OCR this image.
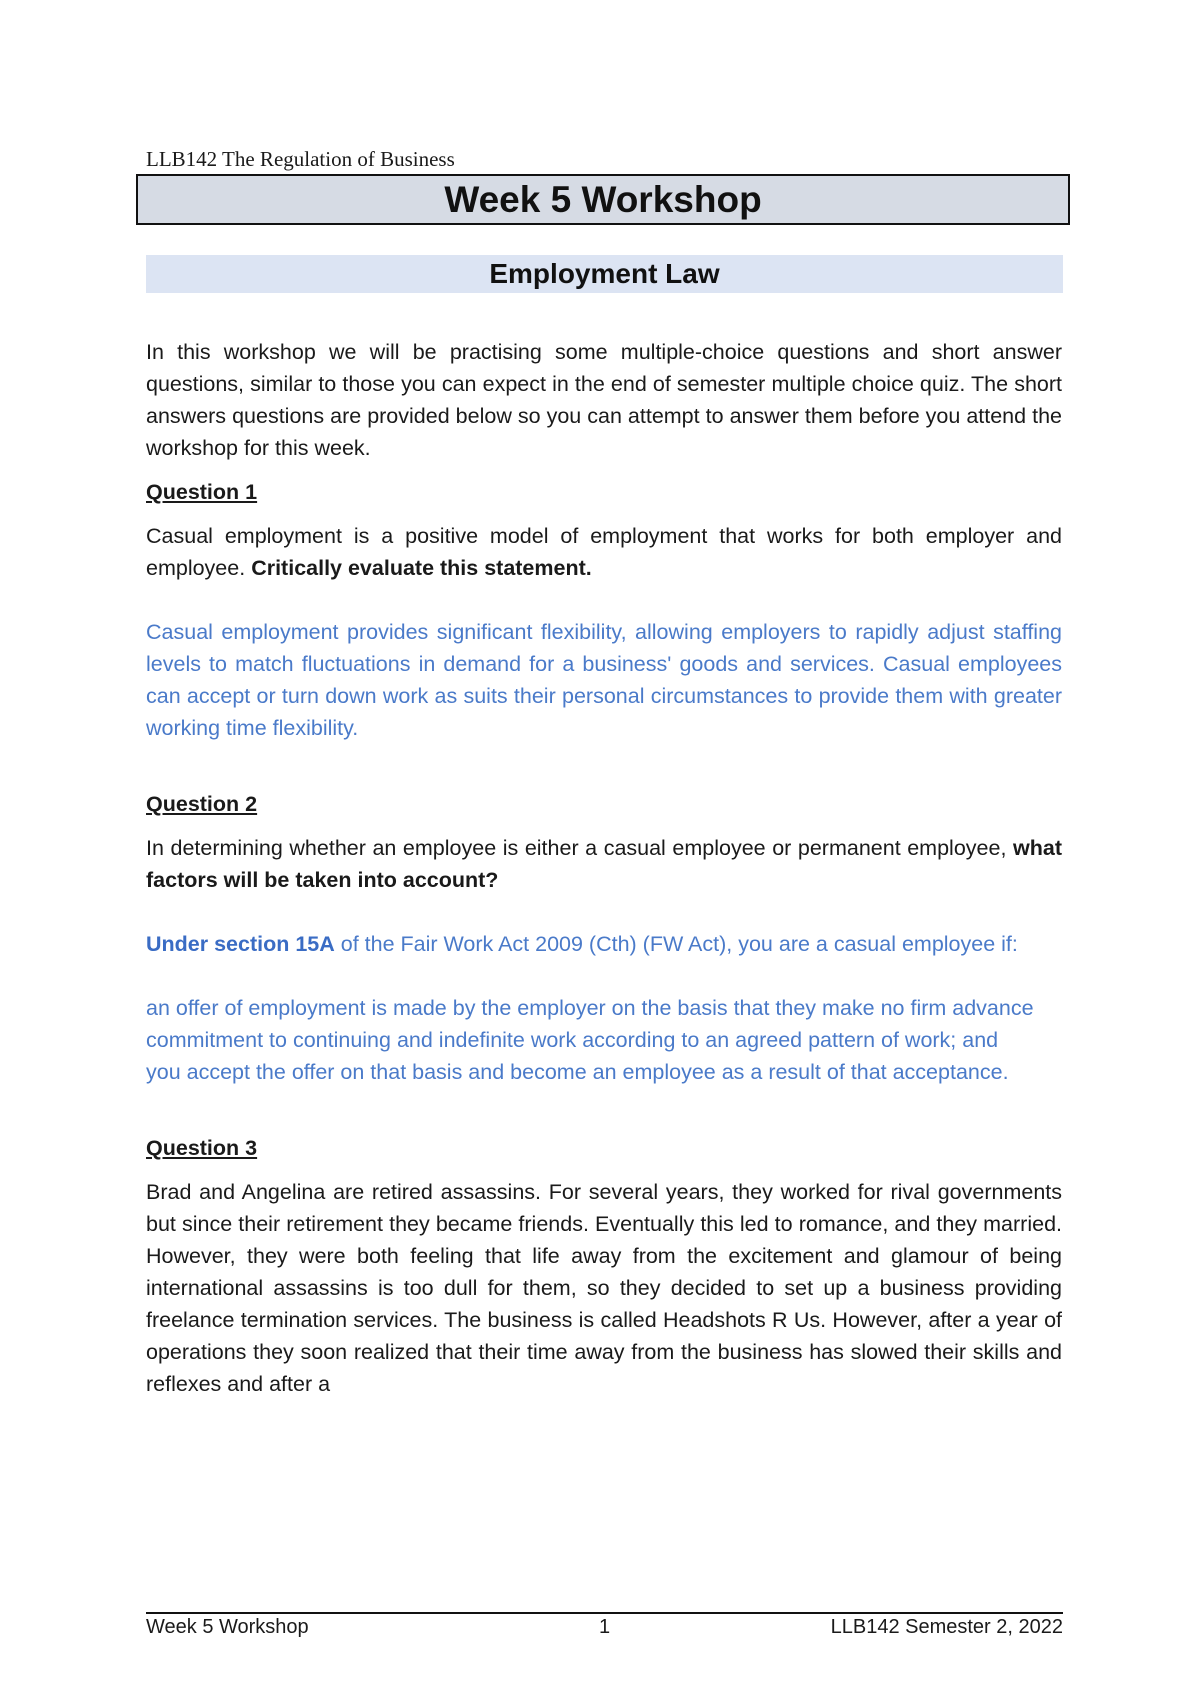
LLB142 The Regulation of Business
Week 5 Workshop
Employment Law

In this workshop we will be practising some multiple-choice questions and short answer questions, similar to those you can expect in the end of semester multiple choice quiz. The short answers questions are provided below so you can attempt to answer them before you attend the workshop for this week.

Question 1

Casual employment is a positive model of employment that works for both employer and employee. Critically evaluate this statement.

Casual employment provides significant flexibility, allowing employers to rapidly adjust staffing levels to match fluctuations in demand for a business' goods and services. Casual employees can accept or turn down work as suits their personal circumstances to provide them with greater working time flexibility.

Question 2

In determining whether an employee is either a casual employee or permanent employee, what factors will be taken into account?

Under section 15A of the Fair Work Act 2009 (Cth) (FW Act), you are a casual employee if:

an offer of employment is made by the employer on the basis that they make no firm advance commitment to continuing and indefinite work according to an agreed pattern of work; and

you accept the offer on that basis and become an employee as a result of that acceptance.

Question 3

Brad and Angelina are retired assassins. For several years, they worked for rival governments but since their retirement they became friends. Eventually this led to romance, and they married. However, they were both feeling that life away from the excitement and glamour of being international assassins is too dull for them, so they decided to set up a business providing freelance termination services. The business is called Headshots R Us. However, after a year of operations they soon realized that their time away from the business has slowed their skills and reflexes and after a

Week 5 Workshop	1	LLB142 Semester 2, 2022
